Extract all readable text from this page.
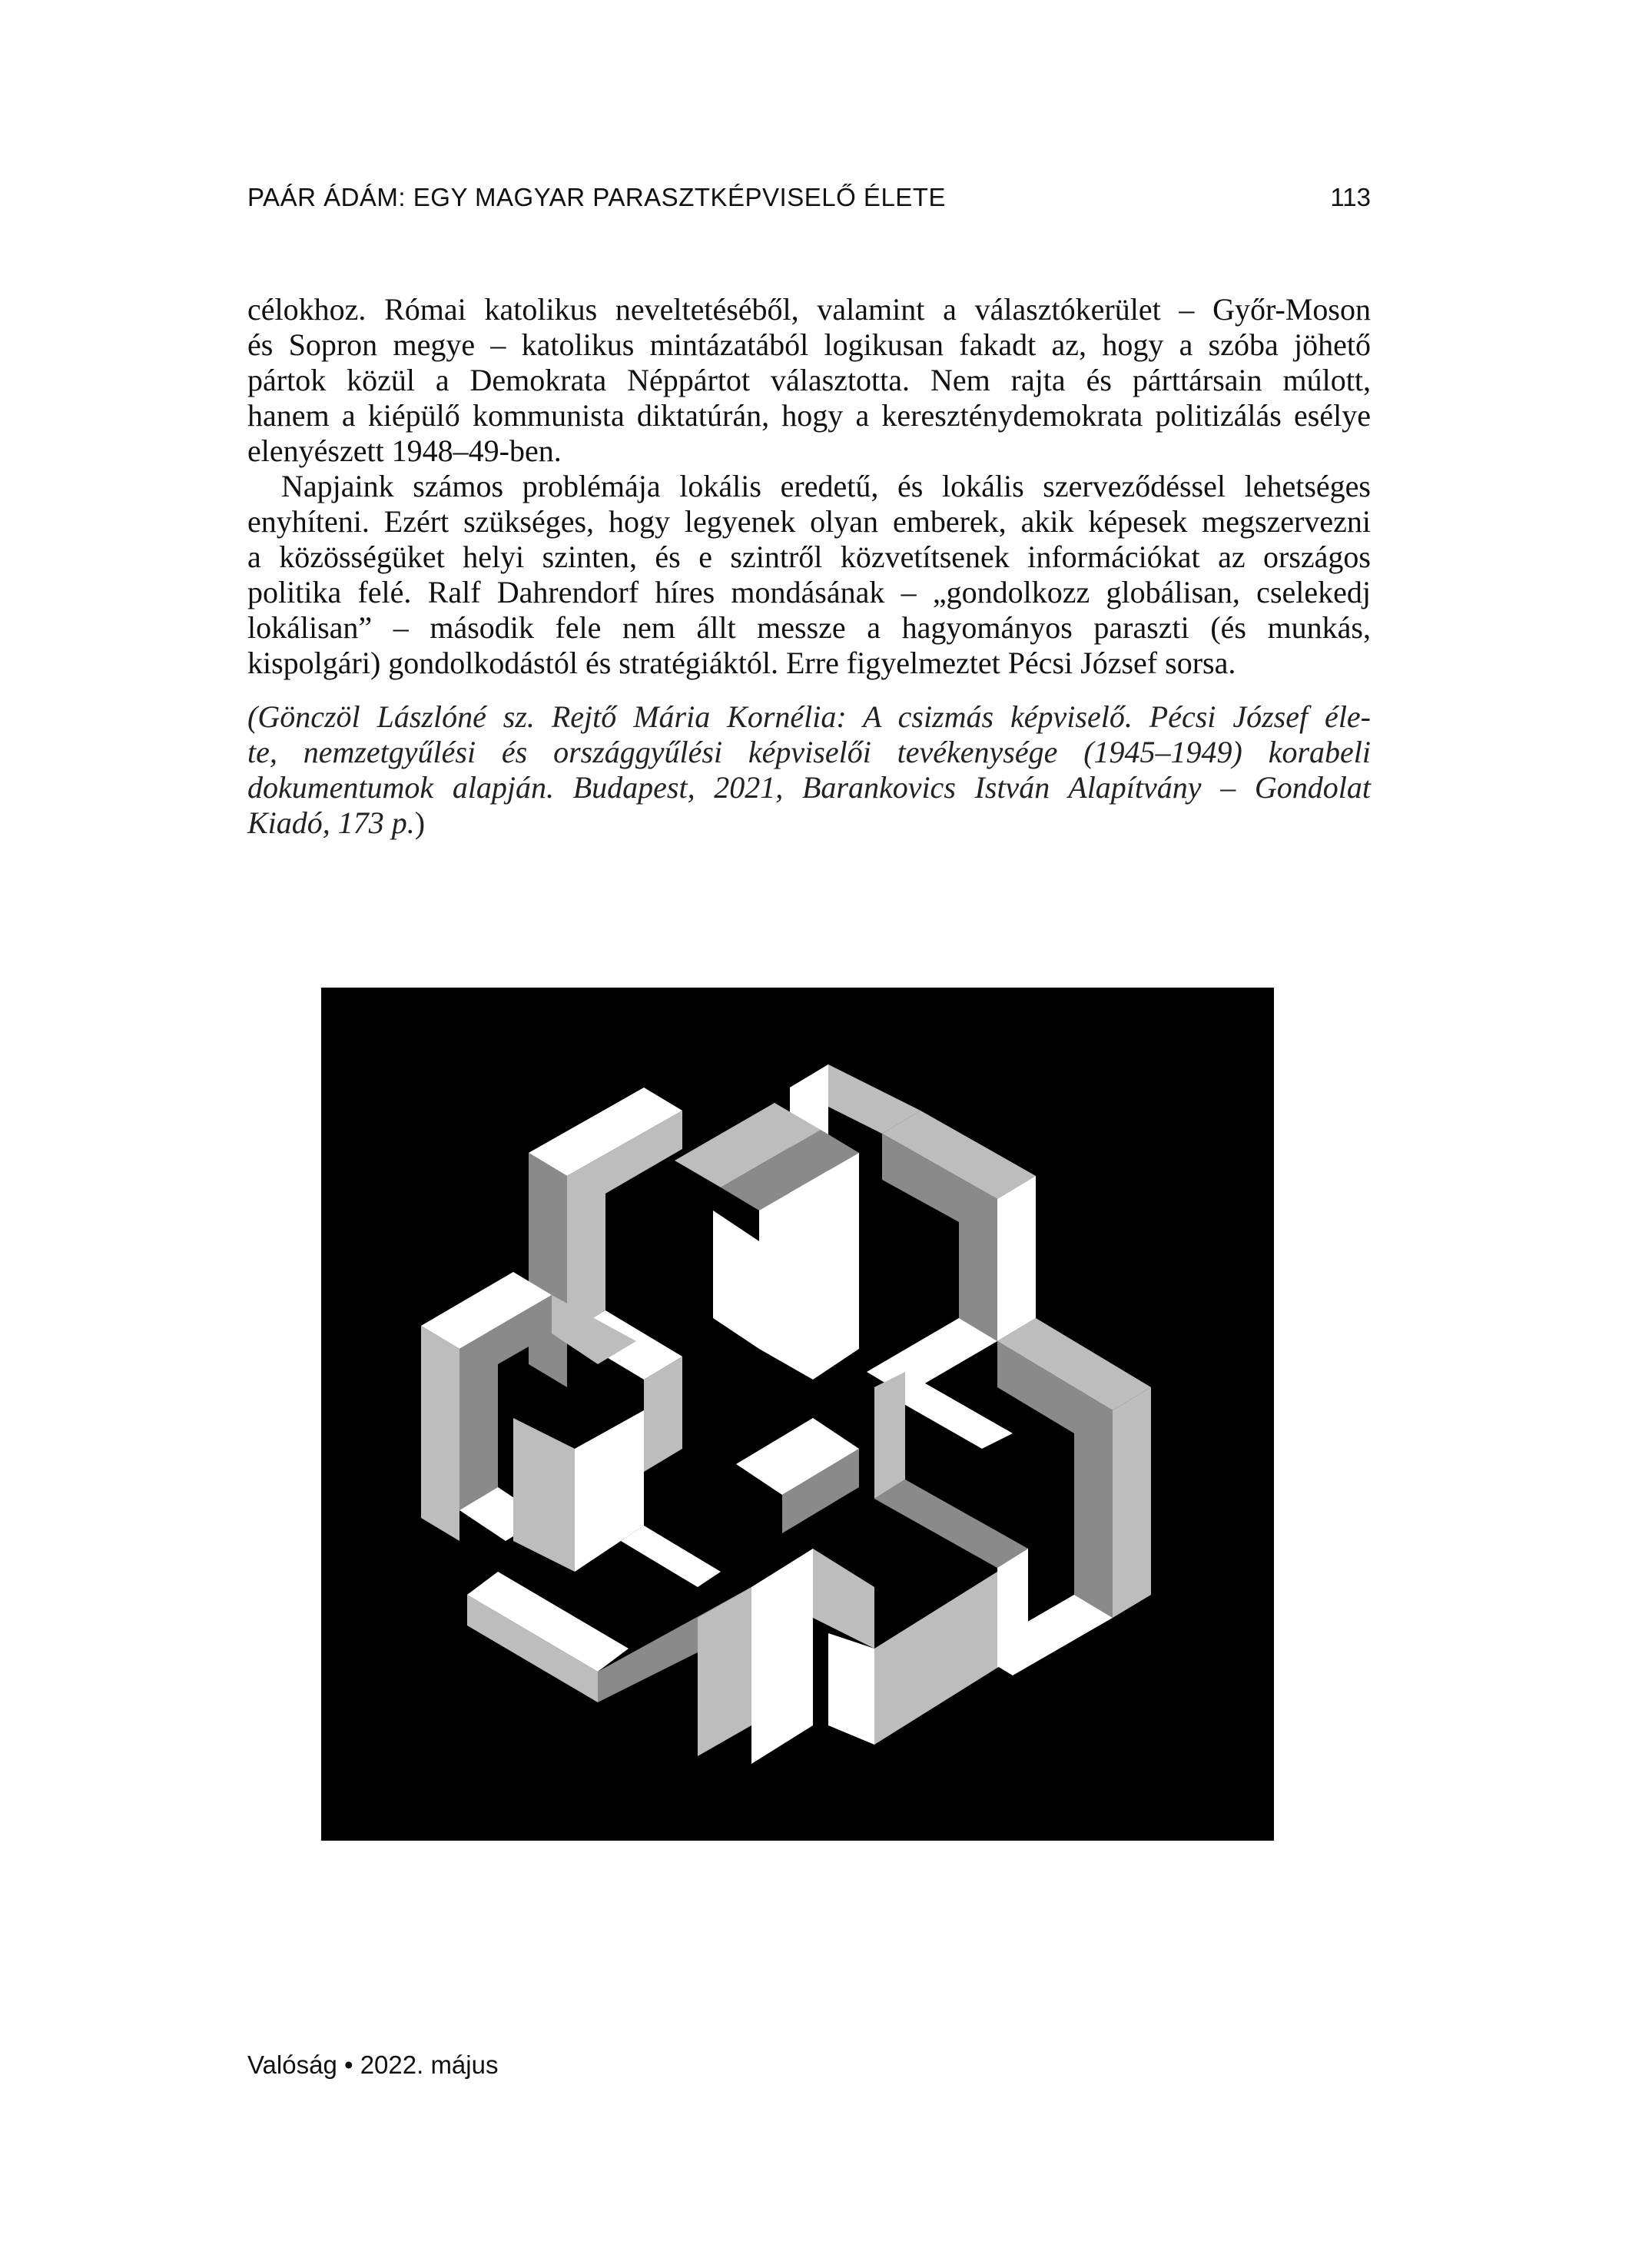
PAÁR ÁDÁM: EGY MAGYAR PARASZTKÉPVISELŐ ÉLETE	113
célokhoz. Római katolikus neveltetéséből, valamint a választókerület – Győr-Moson
és Sopron megye – katolikus mintázatából logikusan fakadt az, hogy a szóba jöhető
pártok közül a Demokrata Néppártot választotta. Nem rajta és párttársain múlott,
hanem a kiépülő kommunista diktatúrán, hogy a kereszténydemokrata politizálás esélye
elenyészett 1948–49-ben.
Napjaink számos problémája lokális eredetű, és lokális szerveződéssel lehetséges
enyhíteni. Ezért szükséges, hogy legyenek olyan emberek, akik képesek megszervezni
a közösségüket helyi szinten, és e szintről közvetítsenek információkat az országos
politika felé. Ralf Dahrendorf híres mondásának – „gondolkozz globálisan, cselekedj
lokálisan” – második fele nem állt messze a hagyományos paraszti (és munkás,
kispolgári) gondolkodástól és stratégiáktól. Erre figyelmeztet Pécsi József sorsa.
(Gönczöl Lászlóné sz. Rejtő Mária Kornélia: A csizmás képviselő. Pécsi József éle-
te, nemzetgyűlési és országgyűlési képviselői tevékenysége (1945–1949) korabeli
dokumentumok alapján. Budapest, 2021, Barankovics István Alapítvány – Gondolat
Kiadó, 173 p.)
Valóság • 2022. május
